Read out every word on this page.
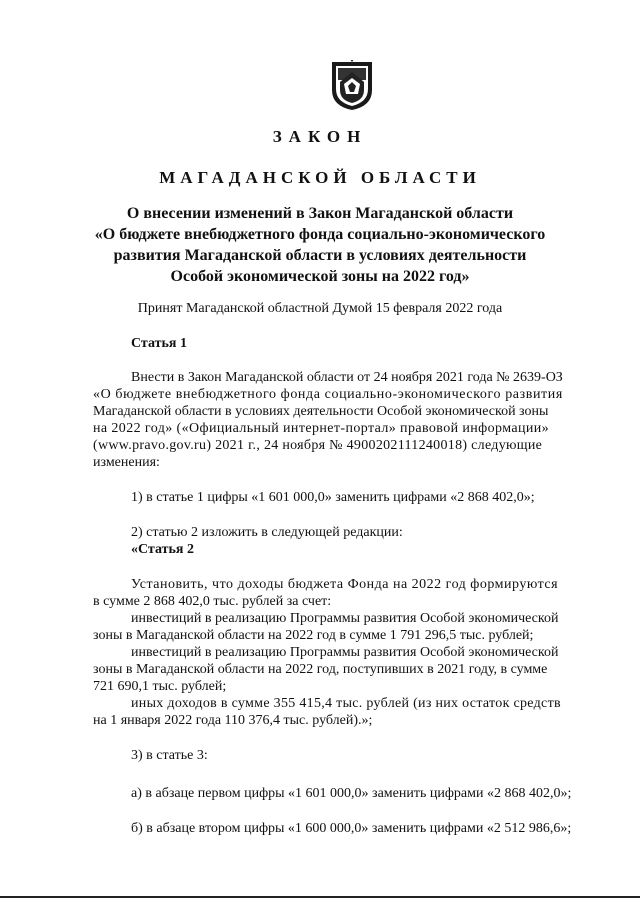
ЗАКОН
МАГАДАНСКОЙ ОБЛАСТИ
О внесении изменений в Закон Магаданской области
«О бюджете внебюджетного фонда социально-экономического
развития Магаданской области в условиях деятельности
Особой экономической зоны на 2022 год»
Принят Магаданской областной Думой 15 февраля 2022 года
Статья 1
Внести в Закон Магаданской области от 24 ноября 2021 года № 2639-ОЗ
«О бюджете внебюджетного фонда социально-экономического развития
Магаданской области в условиях деятельности Особой экономической зоны
на 2022 год» («Официальный интернет-портал» правовой информации»
(www.pravo.gov.ru) 2021 г., 24 ноября № 4900202111240018) следующие
изменения:
1) в статье 1 цифры «1 601 000,0» заменить цифрами «2 868 402,0»;
2) статью 2 изложить в следующей редакции:
«Статья 2
Установить, что доходы бюджета Фонда на 2022 год формируются
в сумме 2 868 402,0 тыс. рублей за счет:
инвестиций в реализацию Программы развития Особой экономической
зоны в Магаданской области на 2022 год в сумме 1 791 296,5 тыс. рублей;
инвестиций в реализацию Программы развития Особой экономической
зоны в Магаданской области на 2022 год, поступивших в 2021 году, в сумме
721 690,1 тыс. рублей;
иных доходов в сумме 355 415,4 тыс. рублей (из них остаток средств
на 1 января 2022 года 110 376,4 тыс. рублей).»;
3) в статье 3:
а) в абзаце первом цифры «1 601 000,0» заменить цифрами «2 868 402,0»;
б) в абзаце втором цифры «1 600 000,0» заменить цифрами «2 512 986,6»;
